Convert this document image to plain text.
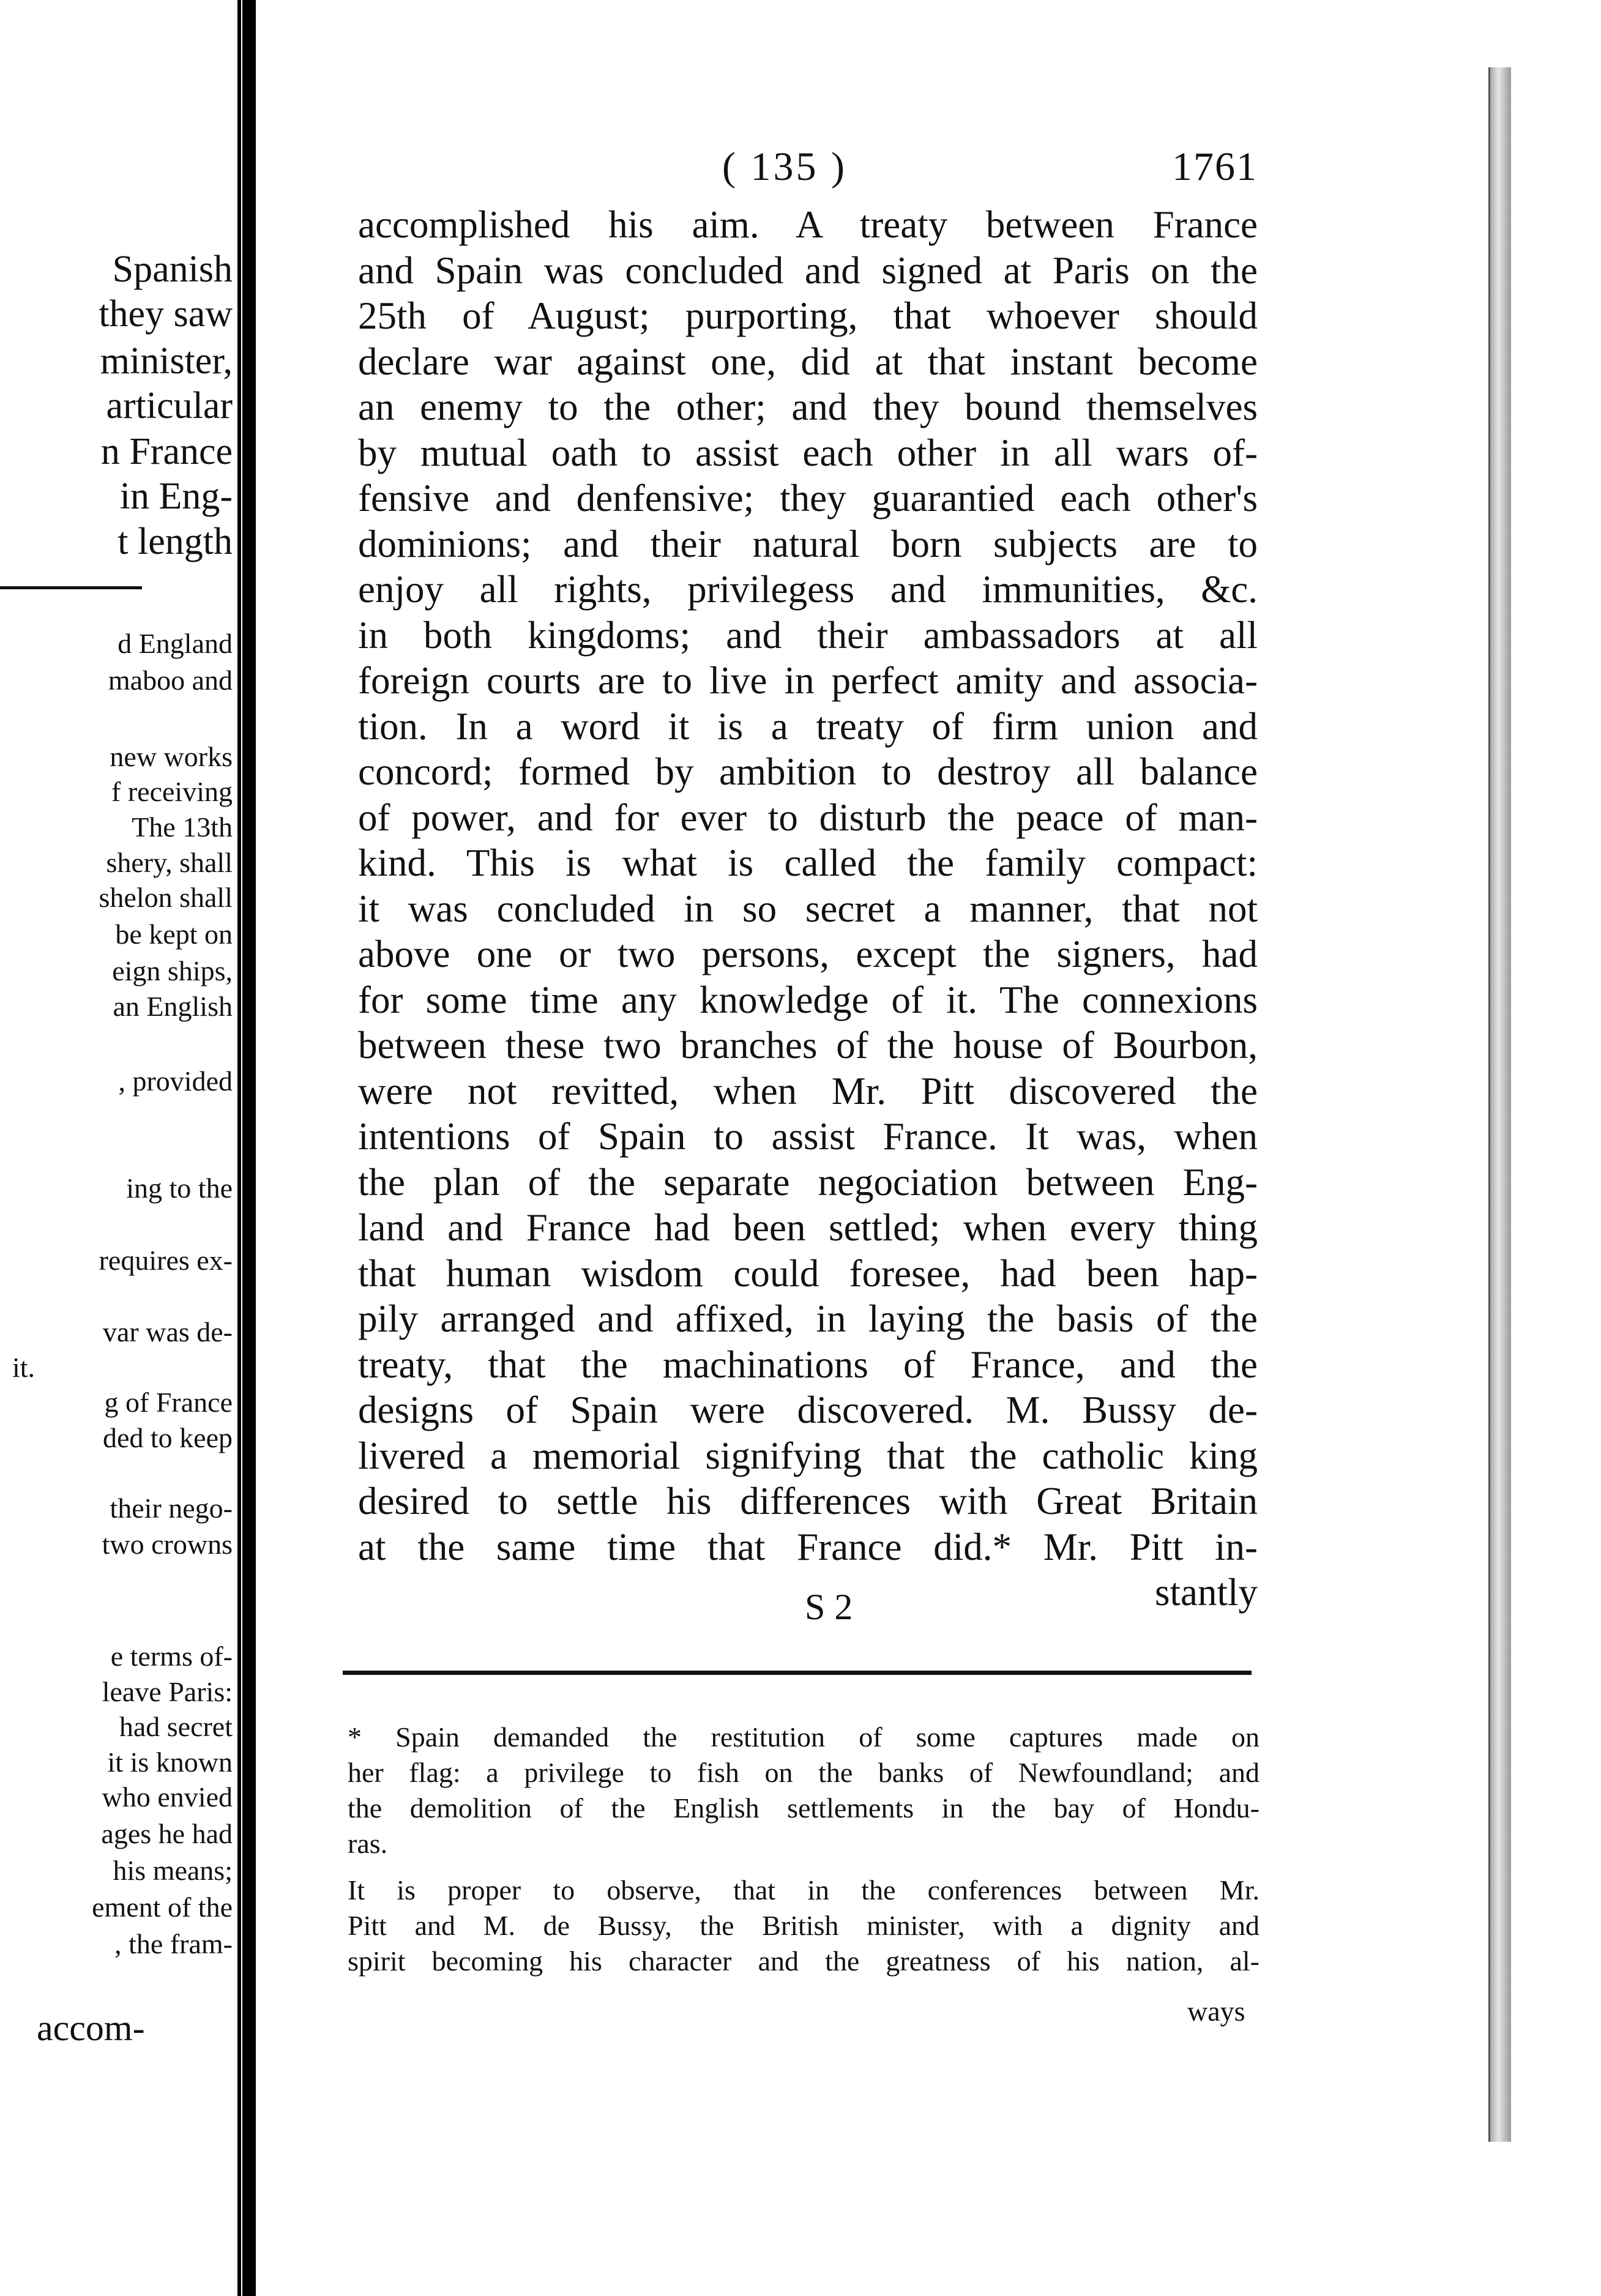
Spanish
they saw
minister,
articular
n France
in Eng-
t length
d England
maboo and
new works
f receiving
The 13th
shery, shall
shelon shall
be kept on
eign ships,
an English
, provided
ing to the
requires ex-
var was de-
it.
g of France
ded to keep
their nego-
two crowns
e terms of-
leave Paris:
had secret
it is known
who envied
ages he had
his means;
ement of the
, the fram-
accom-
( 135 )	1761
accomplished his aim. A treaty between France
and Spain was concluded and signed at Paris on the
25th of August; purporting, that whoever should
declare war against one, did at that instant become
an enemy to the other; and they bound themselves
by mutual oath to assist each other in all wars of-
fensive and denfensive; they guarantied each other's
dominions; and their natural born subjects are to
enjoy all rights, privilegess and immunities, &c.
in both kingdoms; and their ambassadors at all
foreign courts are to live in perfect amity and associa-
tion. In a word it is a treaty of firm union and
concord; formed by ambition to destroy all balance
of power, and for ever to disturb the peace of man-
kind. This is what is called the family compact:
it was concluded in so secret a manner, that not
above one or two persons, except the signers, had
for some time any knowledge of it. The connexions
between these two branches of the house of Bourbon,
were not revitted, when Mr. Pitt discovered the
intentions of Spain to assist France. It was, when
the plan of the separate negociation between Eng-
land and France had been settled; when every thing
that human wisdom could foresee, had been hap-
pily arranged and affixed, in laying the basis of the
treaty, that the machinations of France, and the
designs of Spain were discovered. M. Bussy de-
livered a memorial signifying that the catholic king
desired to settle his differences with Great Britain
at the same time that France did.* Mr. Pitt in-
stantly
S 2
* Spain demanded the restitution of some captures made on
her flag: a privilege to fish on the banks of Newfoundland; and
the demolition of the English settlements in the bay of Hondu-
ras.
It is proper to observe, that in the conferences between Mr.
Pitt and M. de Bussy, the British minister, with a dignity and
spirit becoming his character and the greatness of his nation, al-
ways
